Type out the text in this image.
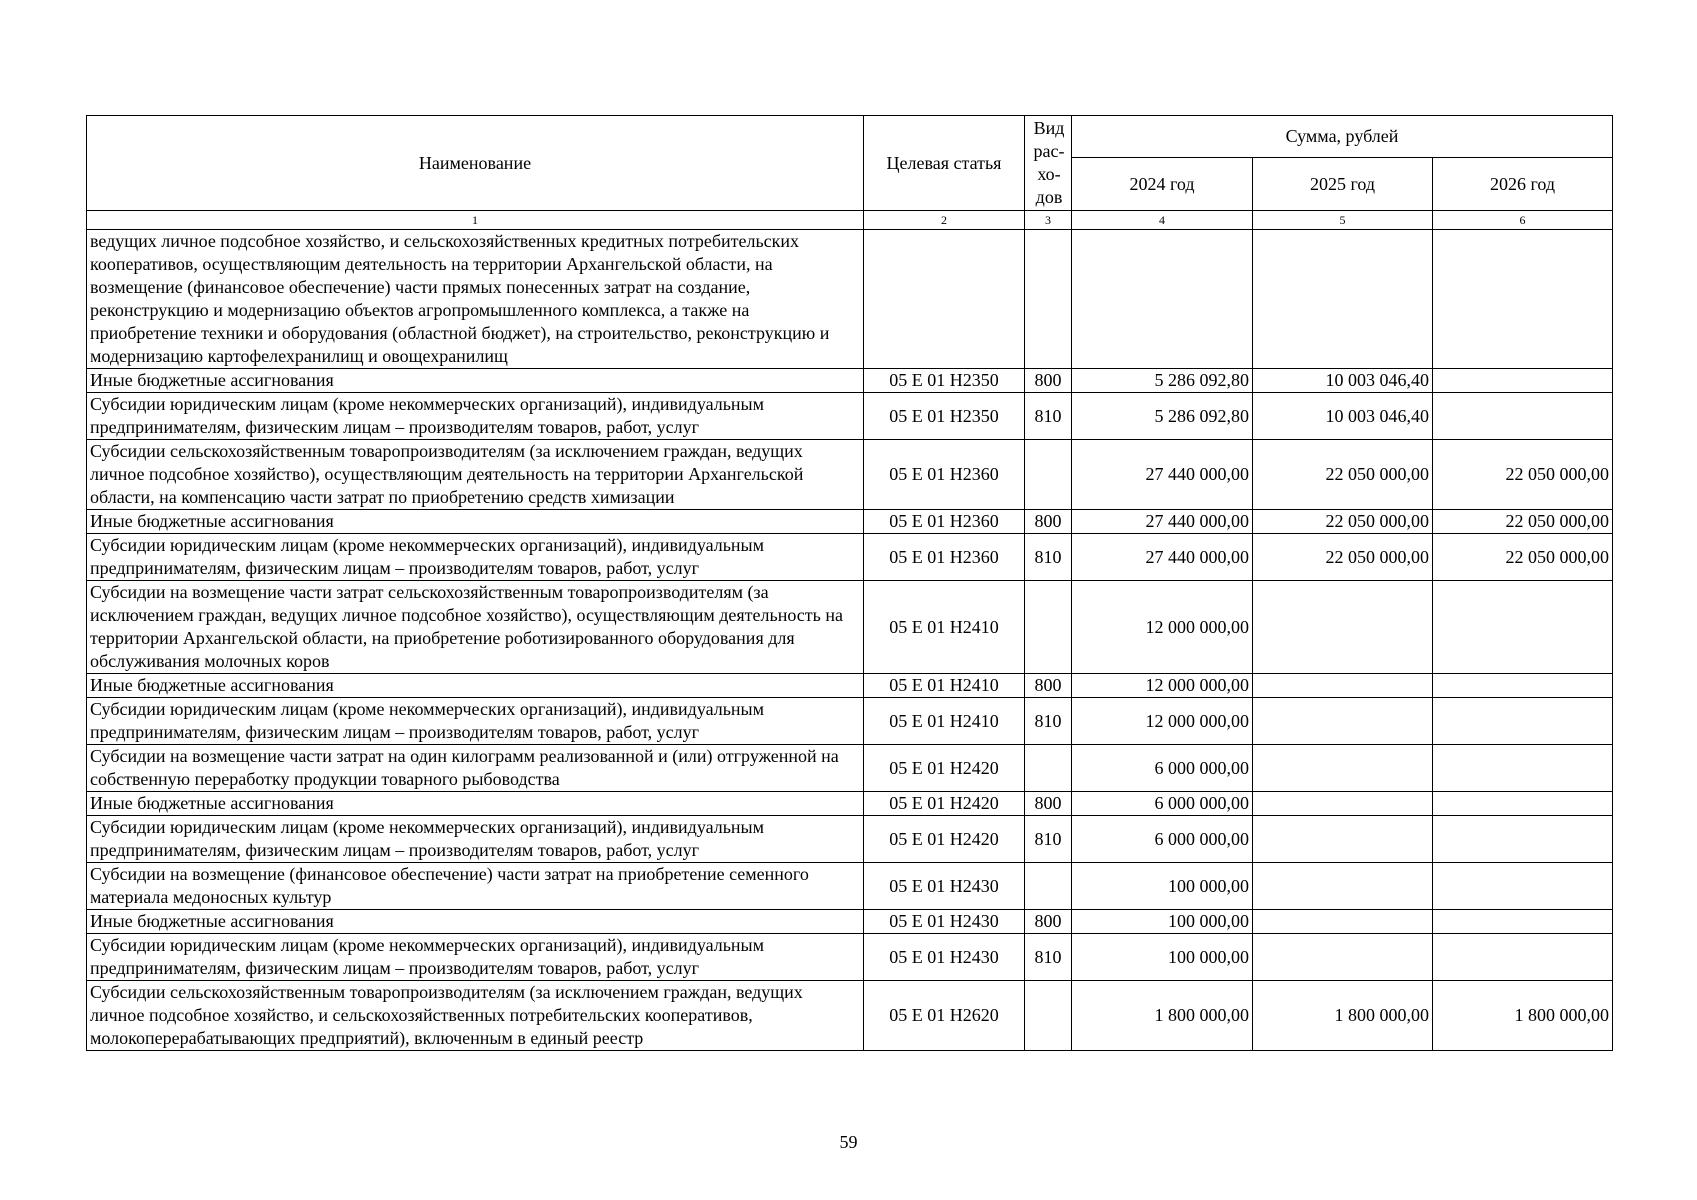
Наименование	Целевая статья	Вид рас-хо-дов	Сумма, рублей		
			2024 год	2025 год	2026 год
1	2	3	4	5	6
ведущих личное подсобное хозяйство, и сельскохозяйственных кредитных потребительских кооперативов, осуществляющим деятельность на территории Архангельской области, на возмещение (финансовое обеспечение) части прямых понесенных затрат на создание, реконструкцию и модернизацию объектов агропромышленного комплекса, а также на приобретение техники и оборудования (областной бюджет), на строительство, реконструкцию и модернизацию картофелехранилищ и овощехранилищ					
Иные бюджетные ассигнования	05 Е 01 Н2350	800	5 286 092,80	10 003 046,40	
Субсидии юридическим лицам (кроме некоммерческих организаций), индивидуальным предпринимателям, физическим лицам – производителям товаров, работ, услуг	05 Е 01 Н2350	810	5 286 092,80	10 003 046,40	
Субсидии сельскохозяйственным товаропроизводителям (за исключением граждан, ведущих личное подсобное хозяйство), осуществляющим деятельность на территории Архангельской области, на компенсацию части затрат по приобретению средств химизации	05 Е 01 Н2360		27 440 000,00	22 050 000,00	22 050 000,00
Иные бюджетные ассигнования	05 Е 01 Н2360	800	27 440 000,00	22 050 000,00	22 050 000,00
Субсидии юридическим лицам (кроме некоммерческих организаций), индивидуальным предпринимателям, физическим лицам – производителям товаров, работ, услуг	05 Е 01 Н2360	810	27 440 000,00	22 050 000,00	22 050 000,00
Субсидии на возмещение части затрат сельскохозяйственным товаропроизводителям (за исключением граждан, ведущих личное подсобное хозяйство), осуществляющим деятельность на территории Архангельской области, на приобретение роботизированного оборудования для обслуживания молочных коров	05 Е 01 Н2410		12 000 000,00		
Иные бюджетные ассигнования	05 Е 01 Н2410	800	12 000 000,00		
Субсидии юридическим лицам (кроме некоммерческих организаций), индивидуальным предпринимателям, физическим лицам – производителям товаров, работ, услуг	05 Е 01 Н2410	810	12 000 000,00		
Субсидии на возмещение части затрат на один килограмм реализованной и (или) отгруженной на собственную переработку продукции товарного рыбоводства	05 Е 01 Н2420		6 000 000,00		
Иные бюджетные ассигнования	05 Е 01 Н2420	800	6 000 000,00		
Субсидии юридическим лицам (кроме некоммерческих организаций), индивидуальным предпринимателям, физическим лицам – производителям товаров, работ, услуг	05 Е 01 Н2420	810	6 000 000,00		
Субсидии на возмещение (финансовое обеспечение) части затрат на приобретение семенного материала медоносных культур	05 Е 01 Н2430		100 000,00		
Иные бюджетные ассигнования	05 Е 01 Н2430	800	100 000,00		
Субсидии юридическим лицам (кроме некоммерческих организаций), индивидуальным предпринимателям, физическим лицам – производителям товаров, работ, услуг	05 Е 01 Н2430	810	100 000,00		
Субсидии сельскохозяйственным товаропроизводителям (за исключением граждан, ведущих личное подсобное хозяйство, и сельскохозяйственных потребительских кооперативов, молокоперерабатывающих предприятий), включенным в единый реестр	05 Е 01 Н2620		1 800 000,00	1 800 000,00	1 800 000,00
59
